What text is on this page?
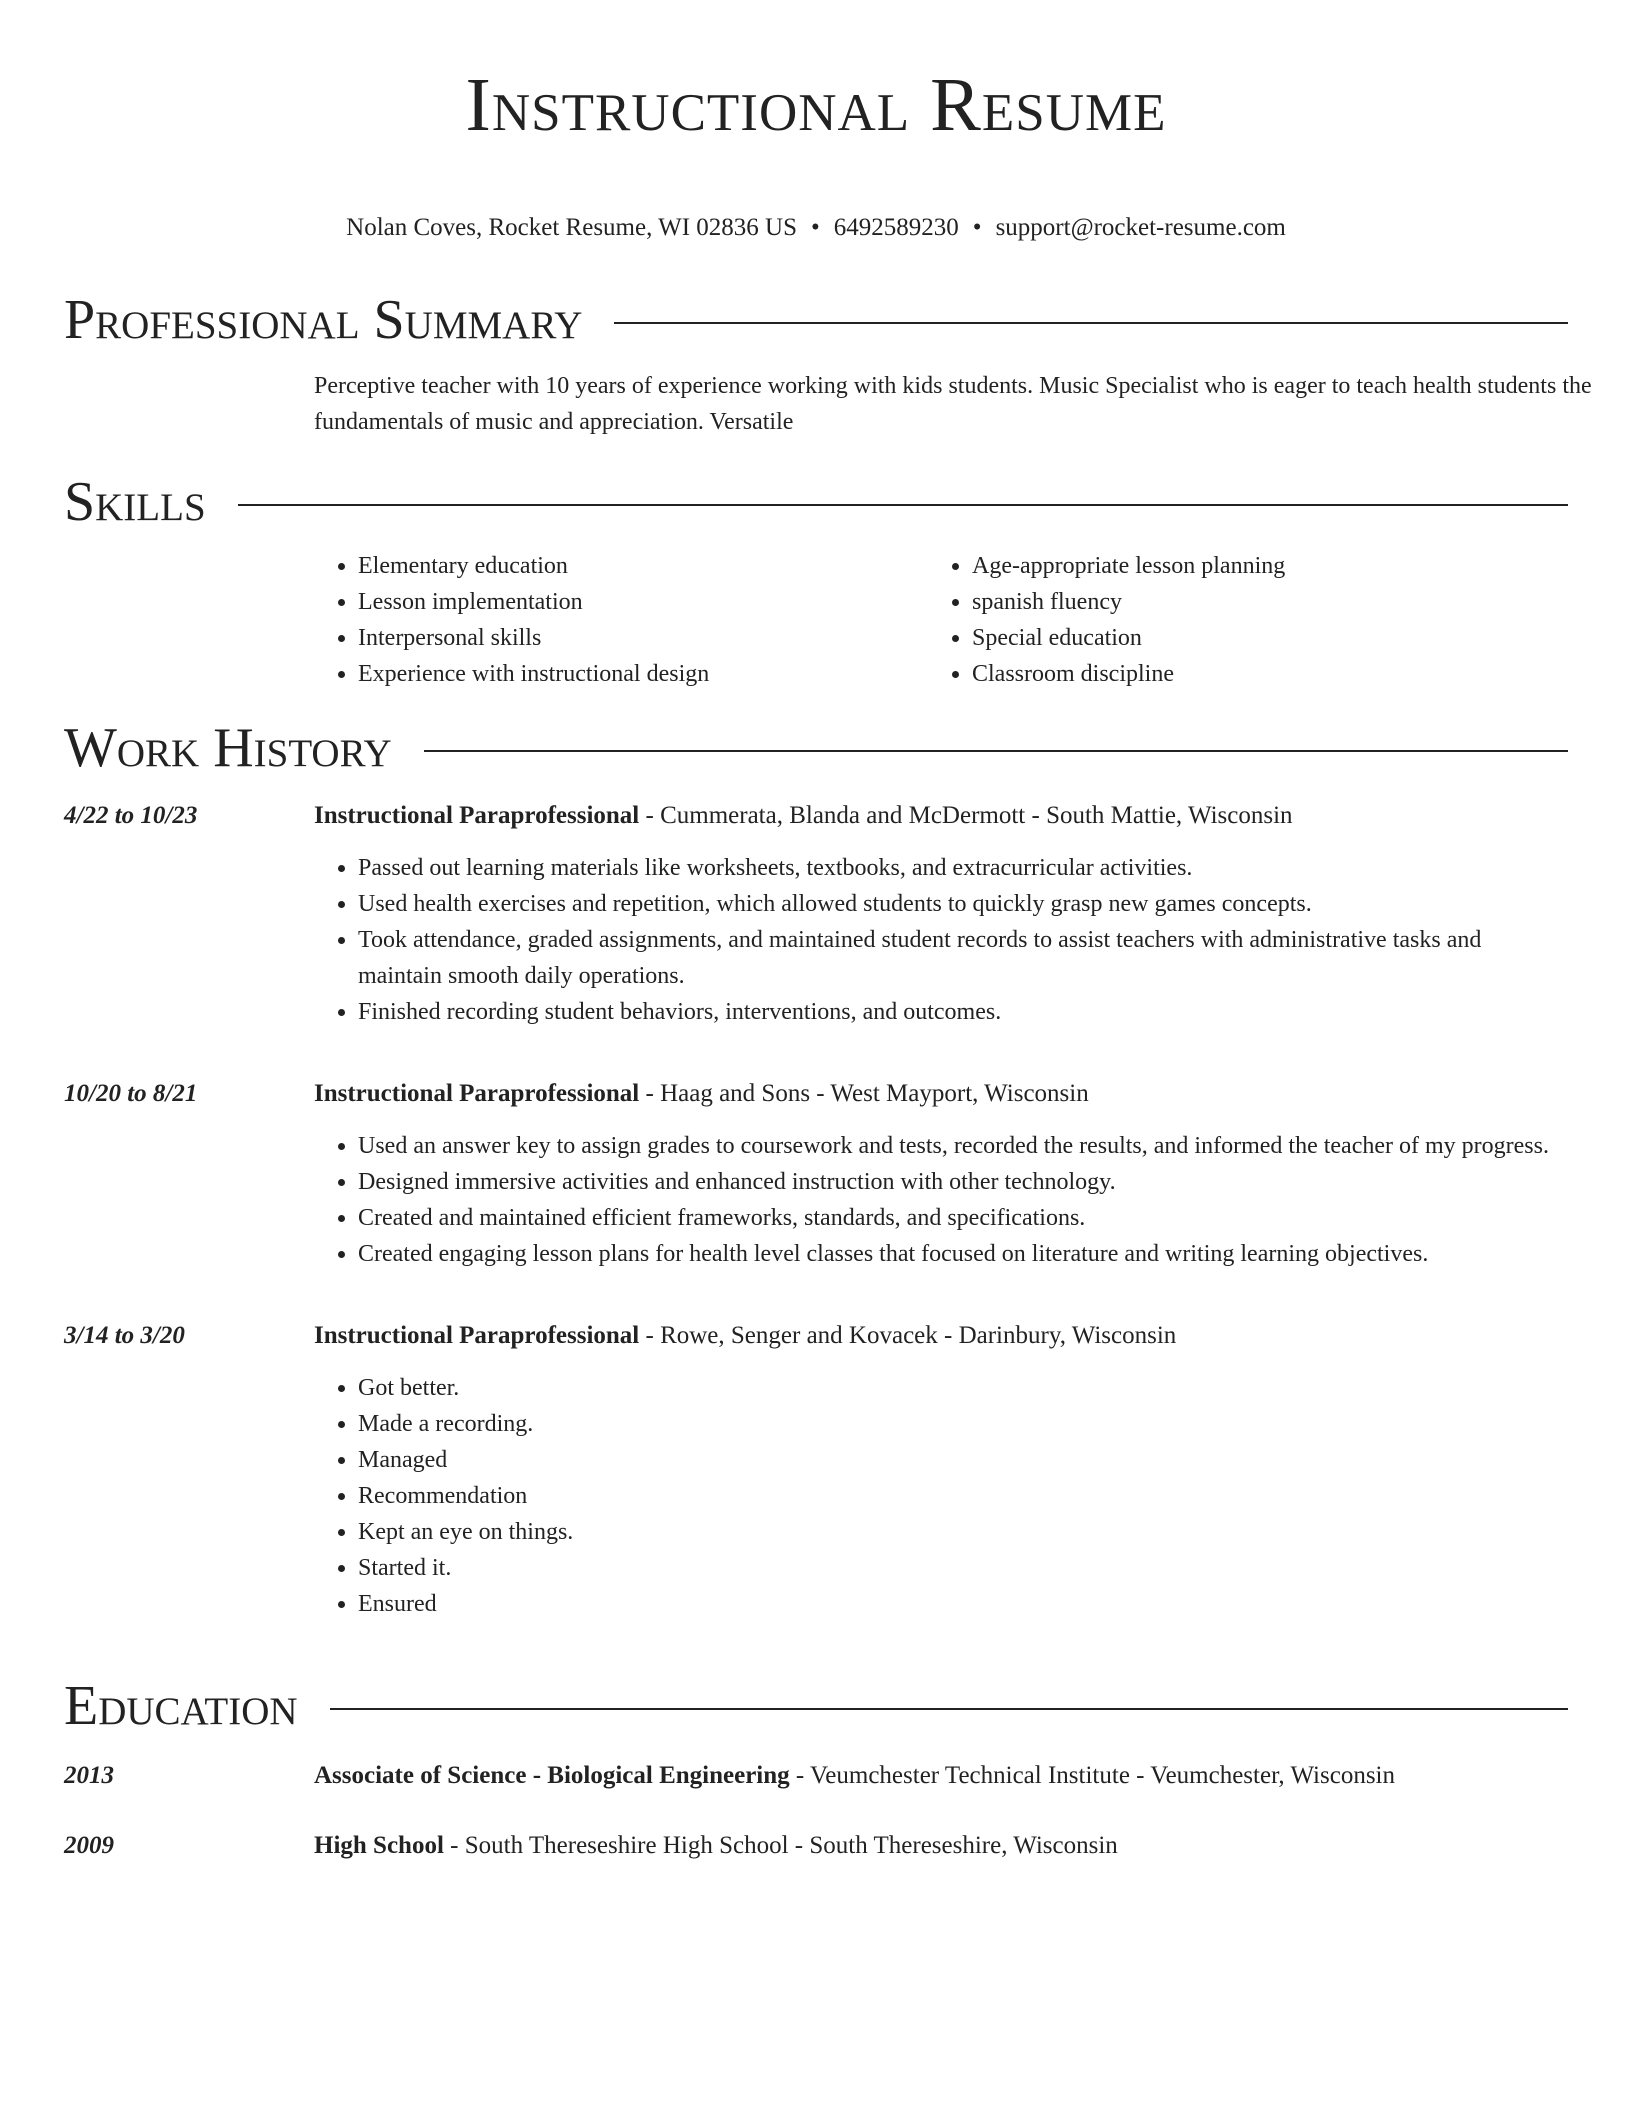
Instructional Resume
Nolan Coves, Rocket Resume, WI 02836 US • 6492589230 • support@rocket-resume.com
Professional Summary
Perceptive teacher with 10 years of experience working with kids students. Music Specialist who is eager to teach health students the fundamentals of music and appreciation. Versatile
Skills
• Elementary education
• Lesson implementation
• Interpersonal skills
• Experience with instructional design
• Age-appropriate lesson planning
• spanish fluency
• Special education
• Classroom discipline
Work History
4/22 to 10/23	Instructional Paraprofessional - Cummerata, Blanda and McDermott - South Mattie, Wisconsin
• Passed out learning materials like worksheets, textbooks, and extracurricular activities.
• Used health exercises and repetition, which allowed students to quickly grasp new games concepts.
• Took attendance, graded assignments, and maintained student records to assist teachers with administrative tasks and maintain smooth daily operations.
• Finished recording student behaviors, interventions, and outcomes.
10/20 to 8/21	Instructional Paraprofessional - Haag and Sons - West Mayport, Wisconsin
• Used an answer key to assign grades to coursework and tests, recorded the results, and informed the teacher of my progress.
• Designed immersive activities and enhanced instruction with other technology.
• Created and maintained efficient frameworks, standards, and specifications.
• Created engaging lesson plans for health level classes that focused on literature and writing learning objectives.
3/14 to 3/20	Instructional Paraprofessional - Rowe, Senger and Kovacek - Darinbury, Wisconsin
• Got better.
• Made a recording.
• Managed
• Recommendation
• Kept an eye on things.
• Started it.
• Ensured
Education
2013	Associate of Science - Biological Engineering - Veumchester Technical Institute - Veumchester, Wisconsin
2009	High School - South Thereseshire High School - South Thereseshire, Wisconsin
